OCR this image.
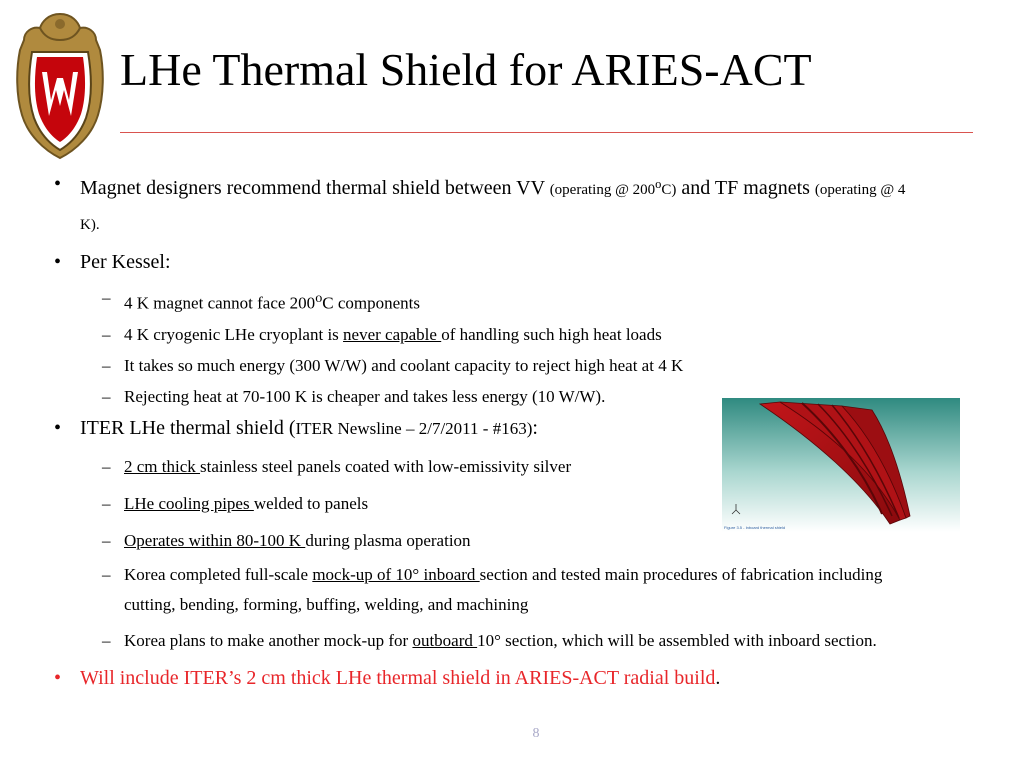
LHe Thermal Shield for ARIES-ACT
• Magnet designers recommend thermal shield between VV (operating @ 200$^o$C) and TF magnets (operating @ 4 K).
• Per Kessel:
– 4 K magnet cannot face 200$^o$C components
– 4 K cryogenic LHe cryoplant is never capable of handling such high heat loads
– It takes so much energy (300 W/W) and coolant capacity to reject high heat at 4 K
– Rejecting heat at 70-100 K is cheaper and takes less energy (10 W/W).
• ITER LHe thermal shield (ITER Newsline – 2/7/2011 - #163):
– 2 cm thick stainless steel panels coated with low-emissivity silver
– LHe cooling pipes welded to panels
– Operates within 80-100 K during plasma operation
– Korea completed full-scale mock-up of 10° inboard section and tested main procedures of fabrication including cutting, bending, forming, buffing, welding, and machining
– Korea plans to make another mock-up for outboard 10° section, which will be assembled with inboard section.
• Will include ITER’s 2 cm thick LHe thermal shield in ARIES-ACT radial build.
Figure 3.5 - Inboard thermal shield
8
